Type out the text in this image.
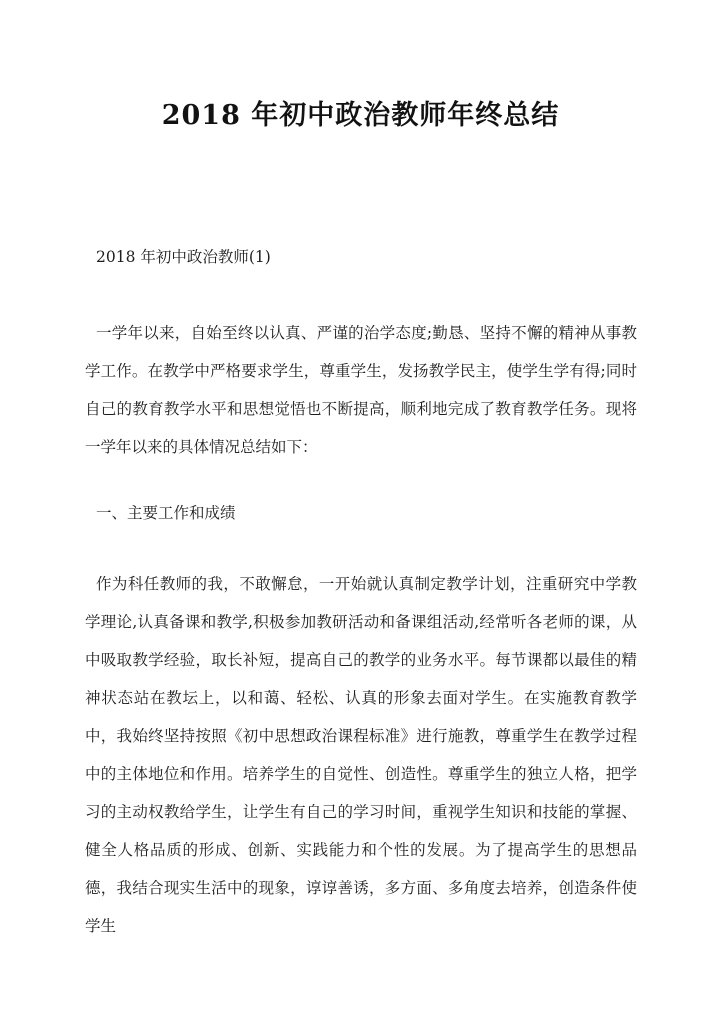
2018 年初中政治教师年终总结

2018 年初中政治教师(1)

一学年以来，自始至终以认真、严谨的治学态度;勤恳、坚持不懈的精神从事教学工作。在教学中严格要求学生，尊重学生，发扬教学民主，使学生学有得;同时自己的教育教学水平和思想觉悟也不断提高，顺利地完成了教育教学任务。现将一学年以来的具体情况总结如下：

一、主要工作和成绩

作为科任教师的我，不敢懈怠，一开始就认真制定教学计划，注重研究中学教学理论,认真备课和教学,积极参加教研活动和备课组活动,经常听各老师的课，从中吸取教学经验，取长补短，提高自己的教学的业务水平。每节课都以最佳的精神状态站在教坛上，以和蔼、轻松、认真的形象去面对学生。在实施教育教学中，我始终坚持按照《初中思想政治课程标准》进行施教，尊重学生在教学过程中的主体地位和作用。培养学生的自觉性、创造性。尊重学生的独立人格，把学习的主动权教给学生，让学生有自己的学习时间，重视学生知识和技能的掌握、健全人格品质的形成、创新、实践能力和个性的发展。为了提高学生的思想品德，我结合现实生活中的现象，谆谆善诱，多方面、多角度去培养，创造条件使学生
